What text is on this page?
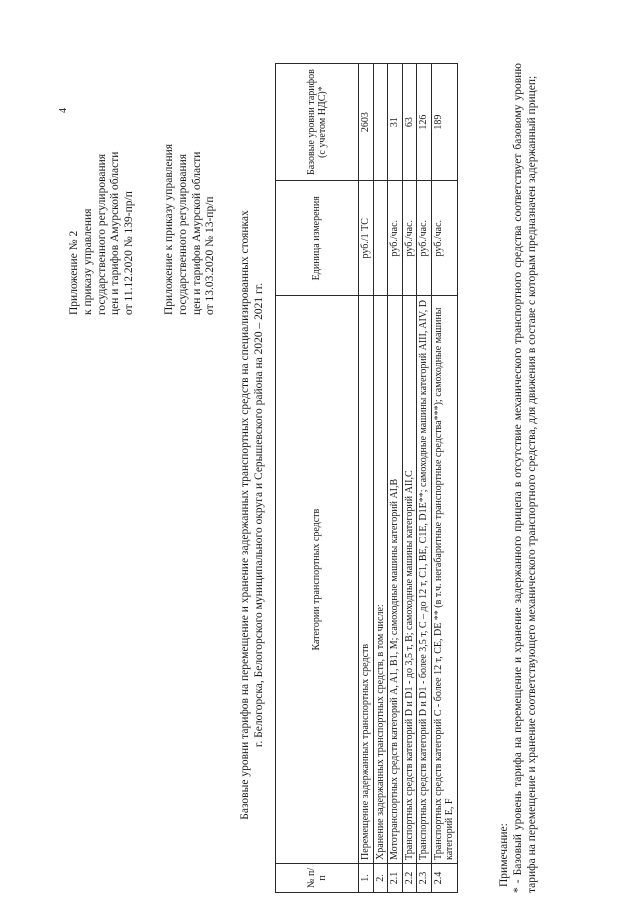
4
Приложение № 2 к приказу управления государственного регулирования цен и тарифов Амурской области от 11.12.2020 № 139-пр/п Приложение к приказу управления государственного регулирования цен и тарифов Амурской области от 13.03.2020 № 13-пр/п Базовые уровни тарифов на перемещение и хранение задержанных транспортных средств на специализированных стоянках г. Белогорска, Белогорского муниципального округа и Серышевского района на 2020 – 2021 гг.
№ п/п	Категории транспортных средств	Единица измерения	Базовые уровни тарифов (с учетом НДС)*
1.	Перемещение задержанных транспортных средств	руб./1 ТС	2603
2.	Хранение задержанных транспортных средств, в том числе:		
2.1	Мототранспортных средств категорий A, A1, B1, M; самоходные машины категорий AI,B	руб./час.	31
2.2	Транспортных средств категорий D и D1 - до 3,5 т, B; самоходные машины категорий AII,C	руб./час.	63
2.3	Транспортных средств категорий D и D1 - более 3,5 т, C – до 12 т, C1, BE, C1E, D1E**; самоходные машины категорий AIII, AIV, D	руб./час.	126
2.4	Транспортных средств категорий C - более 12 т, CE, DE ** (в т.ч. негабаритные транспортные средства***); самоходные машины категорий E, F	руб./час.	189
Примечание: * - Базовый уровень тарифа на перемещение и хранение задержанного прицепа в отсутствие механического транспортного средства соответствует базовому уровню тарифа на перемещение и хранение соответствующего механического транспортного средства, для движения в составе с которым предназначен задержанный прицеп;
